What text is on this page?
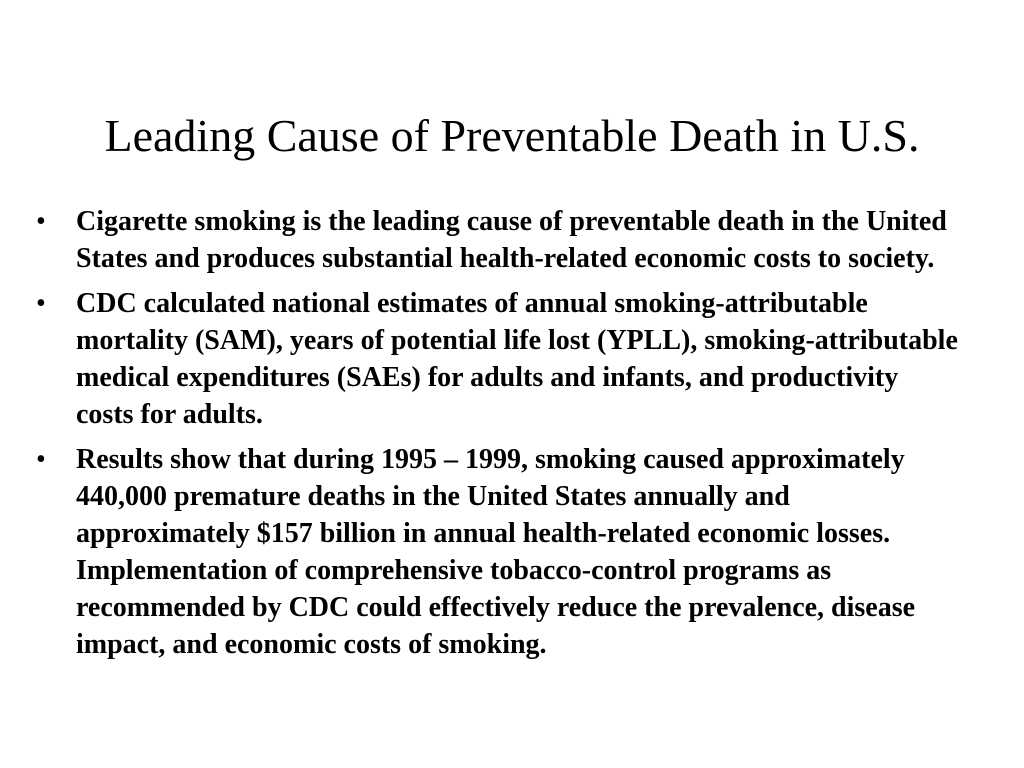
Leading Cause of Preventable Death in U.S.
• Cigarette smoking is the leading cause of preventable death in the United States and produces substantial health-related economic costs to society.
• CDC calculated national estimates of annual smoking-attributable mortality (SAM), years of potential life lost (YPLL), smoking-attributable medical expenditures (SAEs) for adults and infants, and productivity costs for adults.
• Results show that during 1995 – 1999, smoking caused approximately 440,000 premature deaths in the United States annually and approximately $157 billion in annual health-related economic losses. Implementation of comprehensive tobacco-control programs as recommended by CDC could effectively reduce the prevalence, disease impact, and economic costs of smoking.
